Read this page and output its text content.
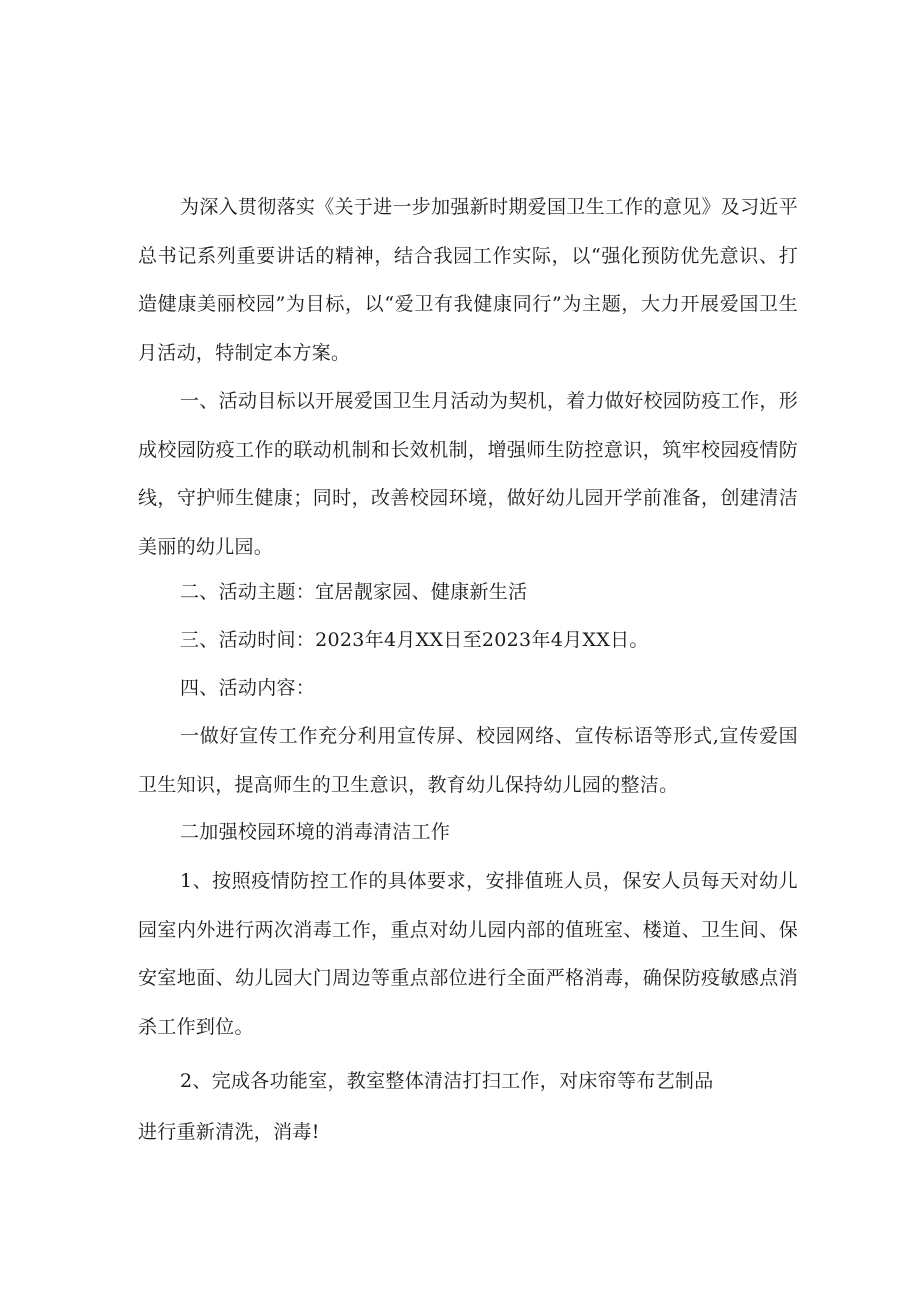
为深入贯彻落实《关于进一步加强新时期爱国卫生工作的意见》及习近平总书记系列重要讲话的精神，结合我园工作实际，以“强化预防优先意识、打造健康美丽校园”为目标，以“爱卫有我健康同行”为主题，大力开展爱国卫生月活动，特制定本方案。

一、活动目标以开展爱国卫生月活动为契机，着力做好校园防疫工作，形成校园防疫工作的联动机制和长效机制，增强师生防控意识，筑牢校园疫情防线，守护师生健康；同时，改善校园环境，做好幼儿园开学前准备，创建清洁美丽的幼儿园。

二、活动主题：宜居靓家园、健康新生活

三、活动时间：2023年4月XX日至2023年4月XX日。

四、活动内容：

一做好宣传工作充分利用宣传屏、校园网络、宣传标语等形式,宣传爱国卫生知识，提高师生的卫生意识，教育幼儿保持幼儿园的整洁。

二加强校园环境的消毒清洁工作

1、按照疫情防控工作的具体要求，安排值班人员，保安人员每天对幼儿园室内外进行两次消毒工作，重点对幼儿园内部的值班室、楼道、卫生间、保安室地面、幼儿园大门周边等重点部位进行全面严格消毒，确保防疫敏感点消杀工作到位。

2、完成各功能室，教室整体清洁打扫工作，对床帘等布艺制品

进行重新清洗，消毒!
